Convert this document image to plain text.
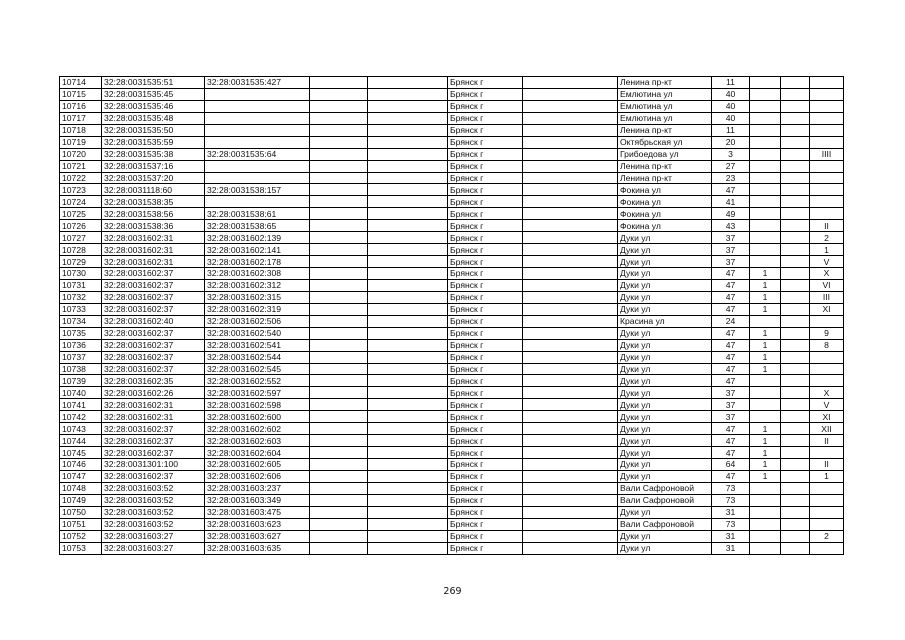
10714	32:28:0031535:51	32:28:0031535:427			Брянск г		Ленина пр-кт	11			
10715	32:28:0031535:45				Брянск г		Емлютина ул	40			
10716	32:28:0031535:46				Брянск г		Емлютина ул	40			
10717	32:28:0031535:48				Брянск г		Емлютина ул	40			
10718	32:28:0031535:50				Брянск г		Ленина пр-кт	11			
10719	32:28:0031535:59				Брянск г		Октябрьская ул	20			
10720	32:28:0031535:38	32:28:0031535:64			Брянск г		Грибоедова ул	3			IIII
10721	32:28:0031537:16				Брянск г		Ленина пр-кт	27			
10722	32:28:0031537:20				Брянск г		Ленина пр-кт	23			
10723	32:28:0031118:60	32:28:0031538:157			Брянск г		Фокина ул	47			
10724	32:28:0031538:35				Брянск г		Фокина ул	41			
10725	32:28:0031538:56	32:28:0031538:61			Брянск г		Фокина ул	49			
10726	32:28:0031538:36	32:28:0031538:65			Брянск г		Фокина ул	43			II
10727	32:28:0031602:31	32:28:0031602:139			Брянск г		Дуки ул	37			2
10728	32:28:0031602:31	32:28:0031602:141			Брянск г		Дуки ул	37			1
10729	32:28:0031602:31	32:28:0031602:178			Брянск г		Дуки ул	37			V
10730	32:28:0031602:37	32:28:0031602:308			Брянск г		Дуки ул	47	1		X
10731	32:28:0031602:37	32:28:0031602:312			Брянск г		Дуки ул	47	1		VI
10732	32:28:0031602:37	32:28:0031602:315			Брянск г		Дуки ул	47	1		III
10733	32:28:0031602:37	32:28:0031602:319			Брянск г		Дуки ул	47	1		XI
10734	32:28:0031602:40	32:28:0031602:506			Брянск г		Красина ул	24			
10735	32:28:0031602:37	32:28:0031602:540			Брянск г		Дуки ул	47	1		9
10736	32:28:0031602:37	32:28:0031602:541			Брянск г		Дуки ул	47	1		8
10737	32:28:0031602:37	32:28:0031602:544			Брянск г		Дуки ул	47	1		
10738	32:28:0031602:37	32:28:0031602:545			Брянск г		Дуки ул	47	1		
10739	32:28:0031602:35	32:28:0031602:552			Брянск г		Дуки ул	47			
10740	32:28:0031602:26	32:28:0031602:597			Брянск г		Дуки ул	37			X
10741	32:28:0031602:31	32:28:0031602:598			Брянск г		Дуки ул	37			V
10742	32:28:0031602:31	32:28:0031602:600			Брянск г		Дуки ул	37			XI
10743	32:28:0031602:37	32:28:0031602:602			Брянск г		Дуки ул	47	1		XII
10744	32:28:0031602:37	32:28:0031602:603			Брянск г		Дуки ул	47	1		II
10745	32:28:0031602:37	32:28:0031602:604			Брянск г		Дуки ул	47	1		
10746	32:28:0031301:100	32:28:0031602:605			Брянск г		Дуки ул	64	1		II
10747	32:28:0031602:37	32:28:0031602:606			Брянск г		Дуки ул	47	1		1
10748	32:28:0031603:52	32:28:0031603:237			Брянск г		Вали Сафроновой	73			
10749	32:28:0031603:52	32:28:0031603:349			Брянск г		Вали Сафроновой	73			
10750	32:28:0031603:52	32:28:0031603:475			Брянск г		Дуки ул	31			
10751	32:28:0031603:52	32:28:0031603:623			Брянск г		Вали Сафроновой	73			
10752	32:28:0031603:27	32:28:0031603:627			Брянск г		Дуки ул	31			2
10753	32:28:0031603:27	32:28:0031603:635			Брянск г		Дуки ул	31			
269
